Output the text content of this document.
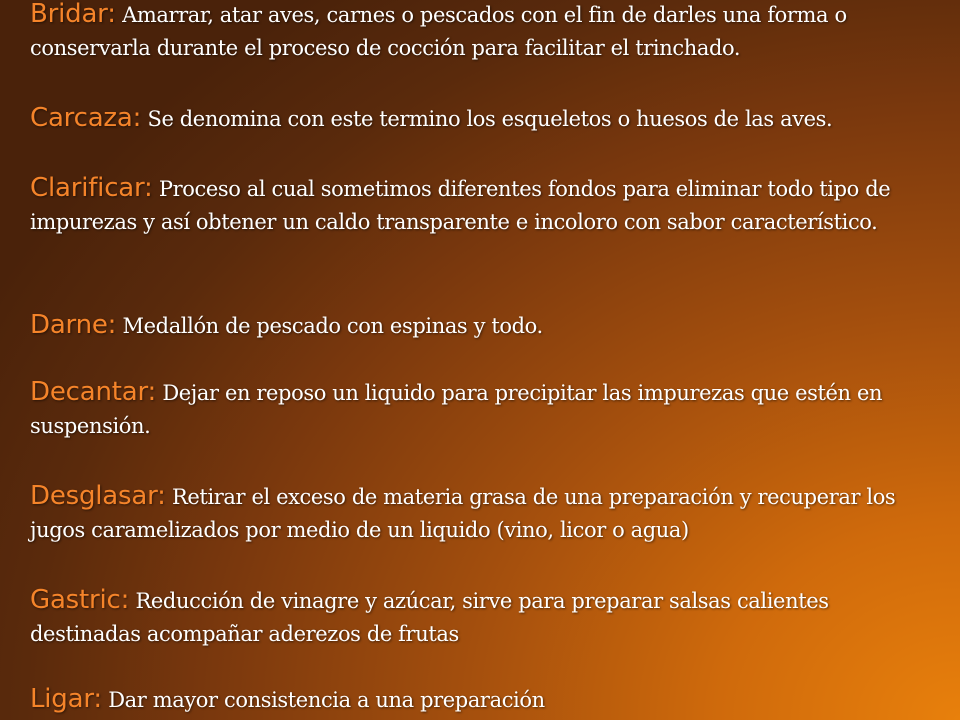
Bridar: Amarrar, atar aves, carnes o pescados con el fin de darles una forma o conservarla durante el proceso de cocción para facilitar el trinchado.
Carcaza: Se denomina con este termino los esqueletos o huesos de las aves.
Clarificar: Proceso al cual sometimos diferentes fondos para eliminar todo tipo de impurezas y así obtener un caldo transparente e incoloro con sabor característico.
Darne: Medallón de pescado con espinas y todo.
Decantar: Dejar en reposo un liquido para precipitar las impurezas que estén en suspensión.
Desglasar: Retirar el exceso de materia grasa de una preparación y recuperar los jugos caramelizados por medio de un liquido (vino, licor o agua)
Gastric: Reducción de vinagre y azúcar, sirve para preparar salsas calientes destinadas acompañar aderezos de frutas
Ligar: Dar mayor consistencia a una preparación
